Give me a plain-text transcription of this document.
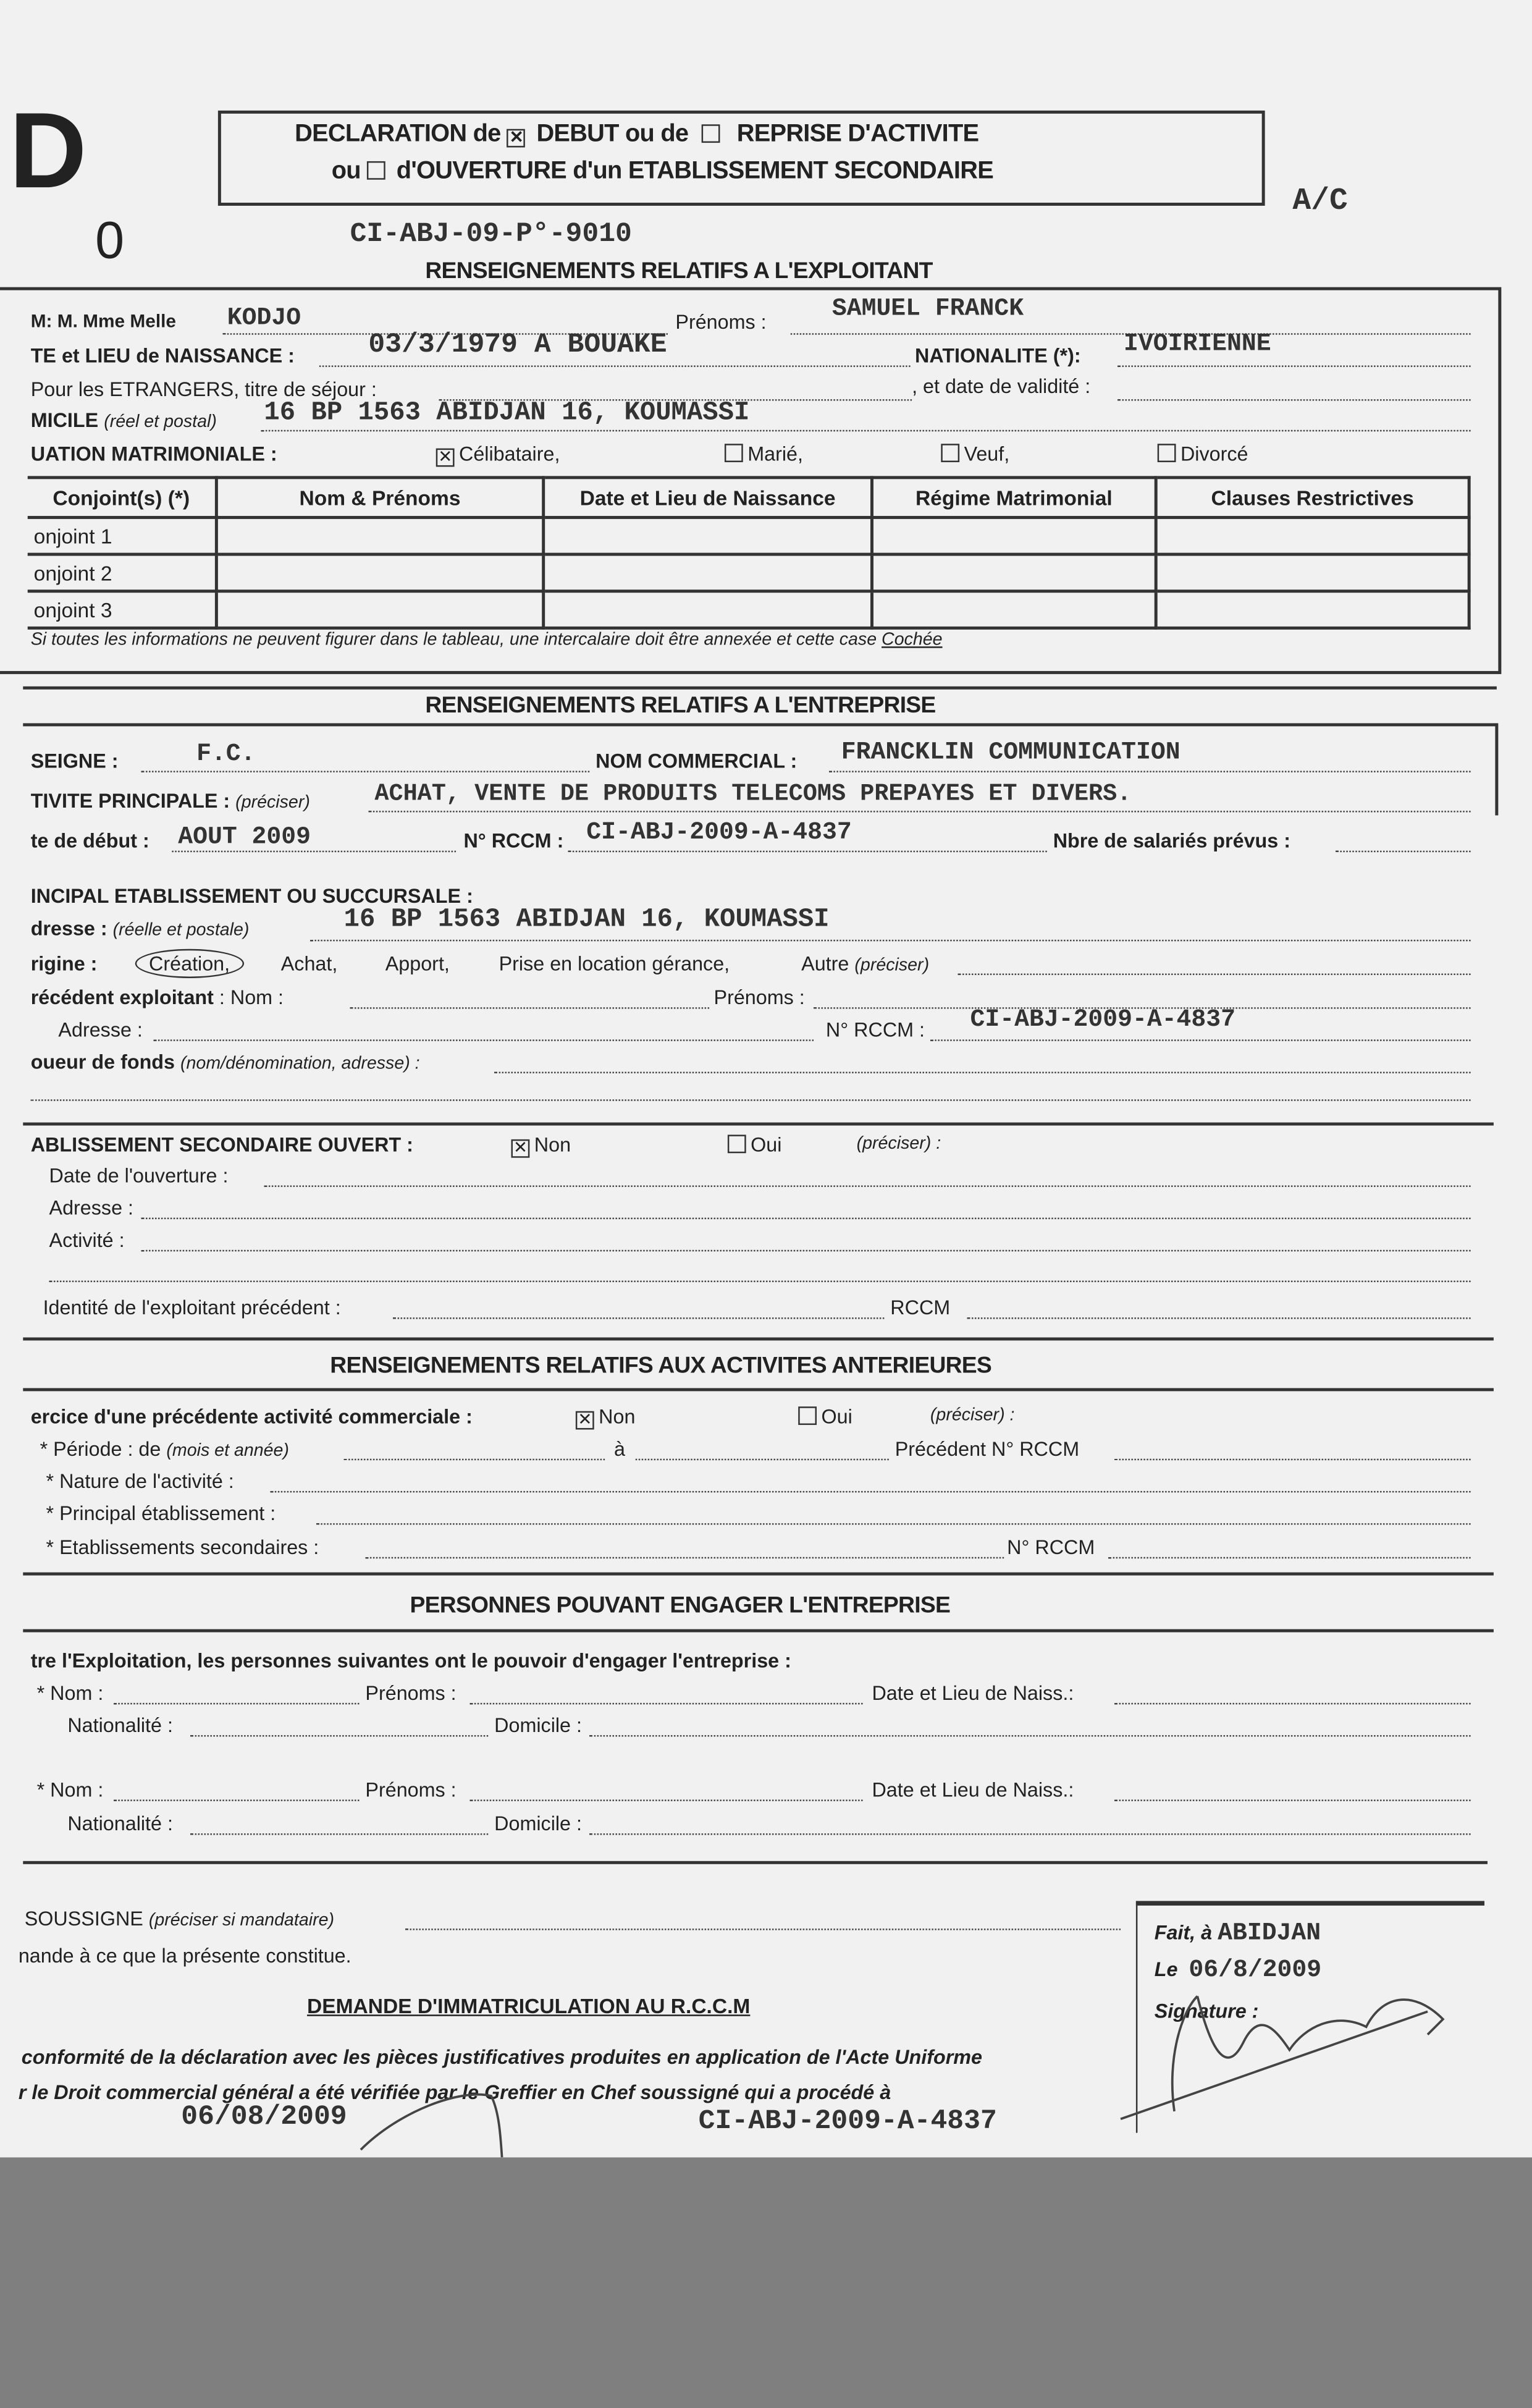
D
0
A/C
CI-ABJ-09-P°-9010
DECLARATION de ✕ DEBUT ou de	REPRISE D'ACTIVITE
ou	d'OUVERTURE d'un ETABLISSEMENT SECONDAIRE
RENSEIGNEMENTS RELATIFS A L'EXPLOITANT
M: M. Mme Melle	KODJO	Prénoms :	SAMUEL FRANCK
TE et LIEU de NAISSANCE :	03/3/1979 A BOUAKE	NATIONALITE (*):	IVOIRIENNE
Pour les ETRANGERS, titre de séjour :	, et date de validité :
MICILE (réel et postal)	16 BP 1563 ABIDJAN 16, KOUMASSI
UATION MATRIMONIALE :	✕ Célibataire,	Marié,	Veuf,	Divorcé
Conjoint(s) (*)	Nom & Prénoms	Date et Lieu de Naissance	Régime Matrimonial	Clauses Restrictives
onjoint 1				
onjoint 2				
onjoint 3				
Si toutes les informations ne peuvent figurer dans le tableau, une intercalaire doit être annexée et cette case Cochée
RENSEIGNEMENTS RELATIFS A L'ENTREPRISE
SEIGNE :	F.C.	NOM COMMERCIAL :	FRANCKLIN COMMUNICATION
TIVITE PRINCIPALE : (préciser)	ACHAT, VENTE DE PRODUITS TELECOMS PREPAYES ET DIVERS.
te de début :	AOUT 2009	N° RCCM : CI-ABJ-2009-A-4837	Nbre de salariés prévus :
INCIPAL ETABLISSEMENT OU SUCCURSALE :
dresse : (réelle et postale)	16 BP 1563 ABIDJAN 16, KOUMASSI
rigine :	Création,	Achat,	Apport,	Prise en location gérance,	Autre (préciser)
récédent exploitant : Nom :	Prénoms :
Adresse :	N° RCCM :	CI-ABJ-2009-A-4837
oueur de fonds (nom/dénomination, adresse) :
ABLISSEMENT SECONDAIRE OUVERT :	✕ Non	Oui	(préciser) :
Date de l'ouverture :
Adresse :
Activité :
Identité de l'exploitant précédent :	RCCM
RENSEIGNEMENTS RELATIFS AUX ACTIVITES ANTERIEURES
ercice d'une précédente activité commerciale :	✕ Non	Oui	(préciser) :
* Période : de (mois et année)	à	Précédent N° RCCM
* Nature de l'activité :
* Principal établissement :
* Etablissements secondaires :	N° RCCM
PERSONNES POUVANT ENGAGER L'ENTREPRISE
tre l'Exploitation, les personnes suivantes ont le pouvoir d'engager l'entreprise :
* Nom :	Prénoms :	Date et Lieu de Naiss.:
Nationalité :	Domicile :
* Nom :	Prénoms :	Date et Lieu de Naiss.:
Nationalité :	Domicile :
SOUSSIGNE (préciser si mandataire)
nande à ce que la présente constitue.
DEMANDE D'IMMATRICULATION AU R.C.C.M
conformité de la déclaration avec les pièces justificatives produites en application de l'Acte Uniforme
r le Droit commercial général a été vérifiée par le Greffier en Chef soussigné qui a procédé à
06/08/2009	CI-ABJ-2009-A-4837
Fait, à ABIDJAN
Le 06/8/2009
Signature :
